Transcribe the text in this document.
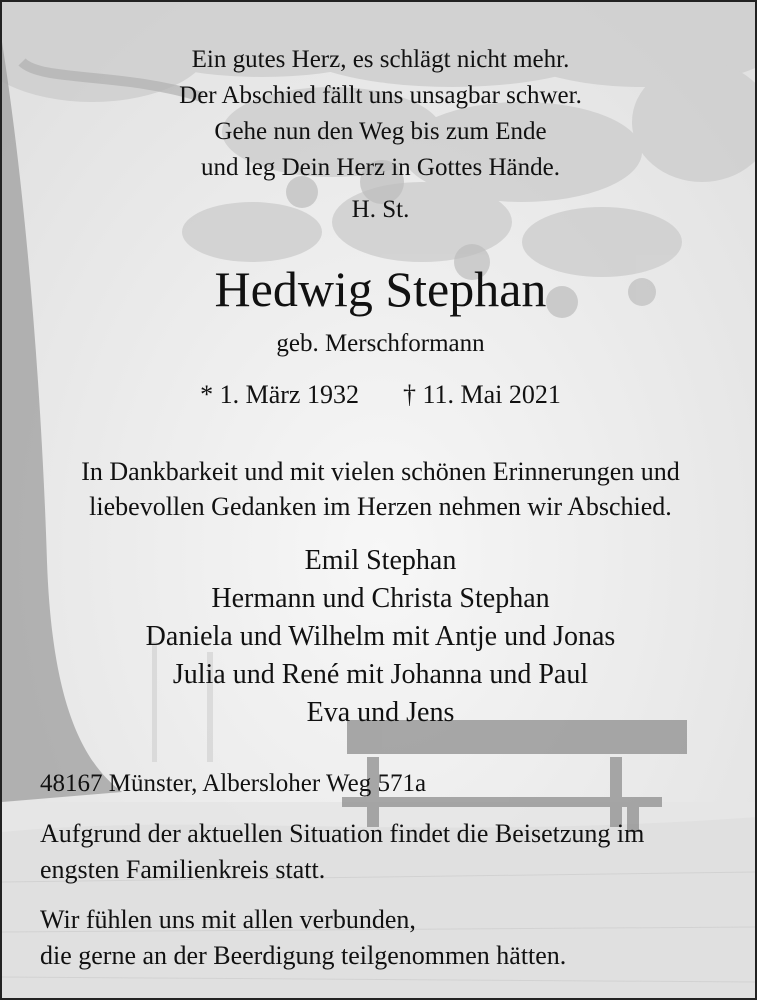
Ein gutes Herz, es schlägt nicht mehr.
Der Abschied fällt uns unsagbar schwer.
Gehe nun den Weg bis zum Ende
und leg Dein Herz in Gottes Hände.
H. St.
Hedwig Stephan
geb. Merschformann
* 1. März 1932 † 11. Mai 2021
In Dankbarkeit und mit vielen schönen Erinnerungen und
liebevollen Gedanken im Herzen nehmen wir Abschied.
Emil Stephan
Hermann und Christa Stephan
Daniela und Wilhelm mit Antje und Jonas
Julia und René mit Johanna und Paul
Eva und Jens
48167 Münster, Albersloher Weg 571a
Aufgrund der aktuellen Situation findet die Beisetzung im
engsten Familienkreis statt.
Wir fühlen uns mit allen verbunden,
die gerne an der Beerdigung teilgenommen hätten.
